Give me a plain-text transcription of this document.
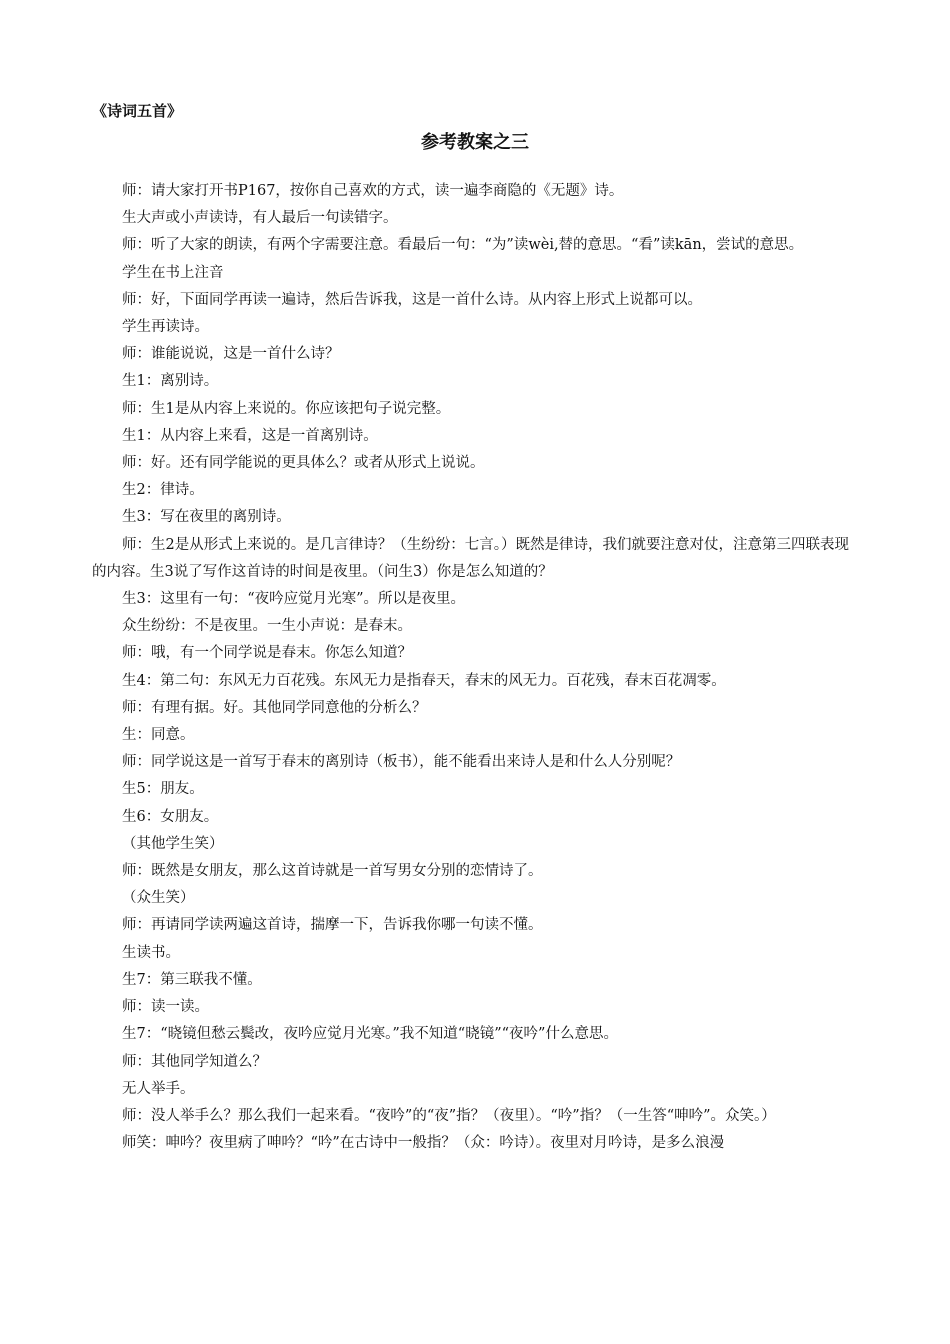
《诗词五首》
参考教案之三

师：请大家打开书P167，按你自己喜欢的方式，读一遍李商隐的《无题》诗。

生大声或小声读诗，有人最后一句读错字。

师：听了大家的朗读，有两个字需要注意。看最后一句：“为”读wèi,替的意思。“看”读kān，尝试的意思。

学生在书上注音

师：好，下面同学再读一遍诗，然后告诉我，这是一首什么诗。从内容上形式上说都可以。

学生再读诗。

师：谁能说说，这是一首什么诗？

生1：离别诗。

师：生1是从内容上来说的。你应该把句子说完整。

生1：从内容上来看，这是一首离别诗。

师：好。还有同学能说的更具体么？或者从形式上说说。

生2：律诗。

生3：写在夜里的离别诗。

师：生2是从形式上来说的。是几言律诗？（生纷纷：七言。）既然是律诗，我们就要注意对仗，注意第三四联表现的内容。生3说了写作这首诗的时间是夜里。（问生3）你是怎么知道的？

生3：这里有一句：“夜吟应觉月光寒”。所以是夜里。

众生纷纷：不是夜里。一生小声说：是春末。

师：哦，有一个同学说是春末。你怎么知道？

生4：第二句：东风无力百花残。东风无力是指春天，春末的风无力。百花残，春末百花凋零。

师：有理有据。好。其他同学同意他的分析么？

生：同意。

师：同学说这是一首写于春末的离别诗（板书），能不能看出来诗人是和什么人分别呢？

生5：朋友。

生6：女朋友。

（其他学生笑）

师：既然是女朋友，那么这首诗就是一首写男女分别的恋情诗了。

（众生笑）

师：再请同学读两遍这首诗，揣摩一下，告诉我你哪一句读不懂。

生读书。

生7：第三联我不懂。

师：读一读。

生7：“晓镜但愁云鬓改，夜吟应觉月光寒。”我不知道“晓镜”“夜吟”什么意思。

师：其他同学知道么？

无人举手。

师：没人举手么？那么我们一起来看。“夜吟”的“夜”指？（夜里）。“吟”指？（一生答“呻吟”。众笑。）

师笑：呻吟？夜里病了呻吟？“吟”在古诗中一般指？（众：吟诗）。夜里对月吟诗，是多么浪漫
